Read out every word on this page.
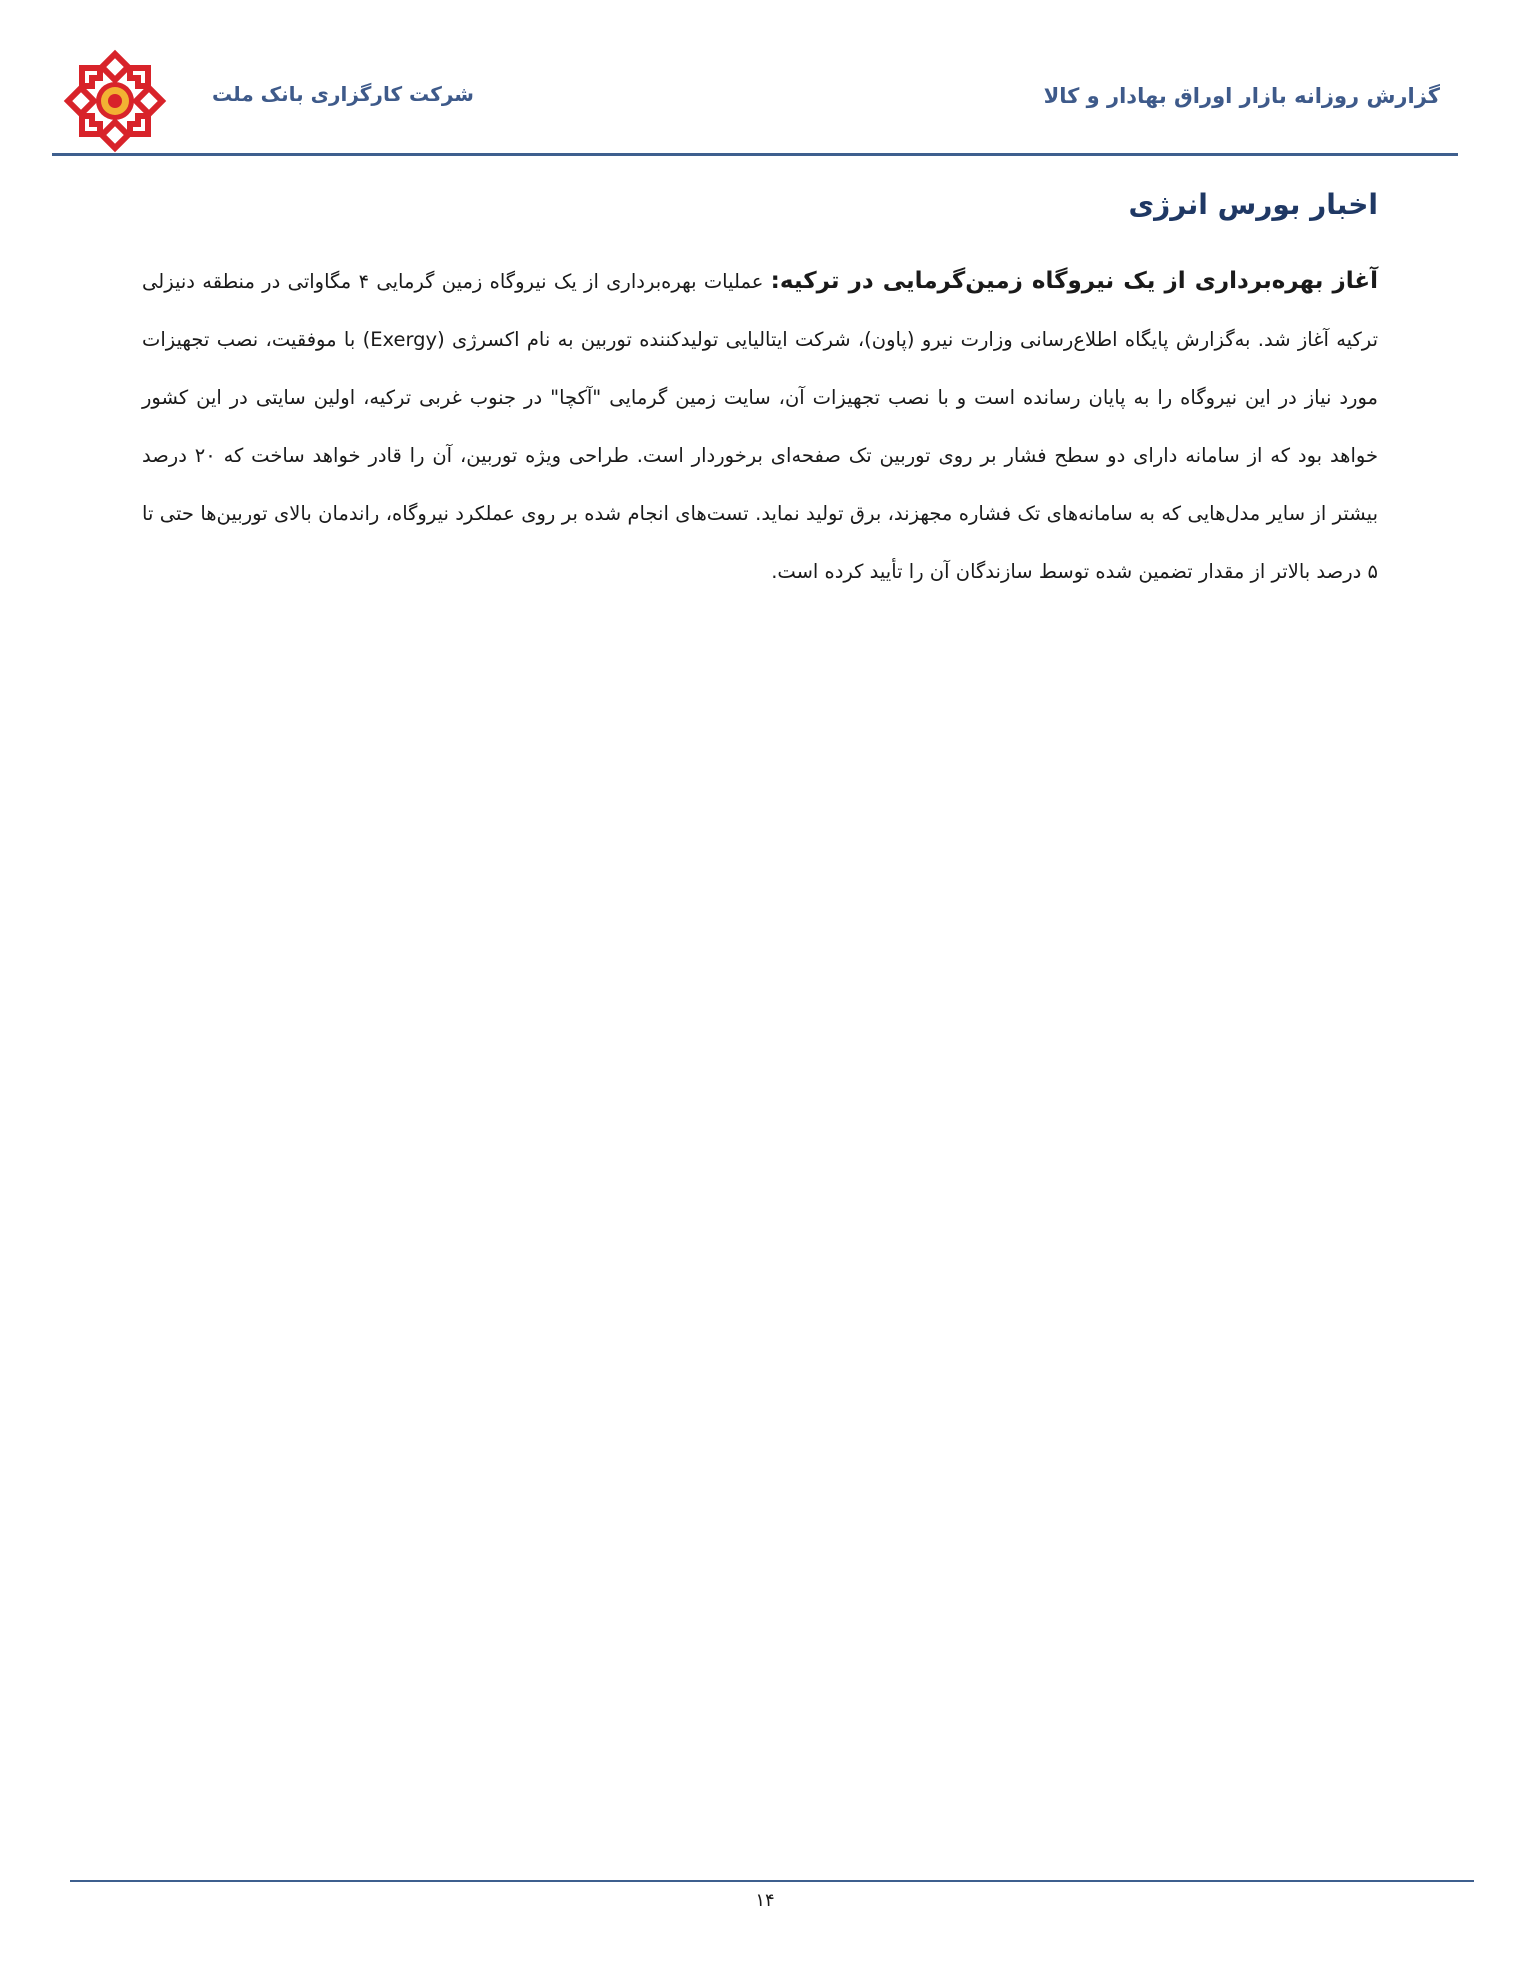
شرکت کارگزاری بانک ملت	گزارش روزانه بازار اوراق بهادار و کالا
اخبار بورس انرژی
آغاز بهره‌برداری از یک نیروگاه زمین‌گرمایی در ترکیه: عملیات بهره‌برداری از یک نیروگاه زمین گرمایی ۴ مگاواتی در منطقه دنیزلی ترکیه آغاز شد. به‌گزارش پایگاه اطلاع‌رسانی وزارت نیرو (پاون)، شرکت ایتالیایی تولیدکننده توربین به نام اکسرژی (Exergy) با موفقیت، نصب تجهیزات مورد نیاز در این نیروگاه را به پایان رسانده است و با نصب تجهیزات آن، سایت زمین گرمایی "آکچا" در جنوب غربی ترکیه، اولین سایتی در این کشور خواهد بود که از سامانه دارای دو سطح فشار بر روی توربین تک صفحه‌ای برخوردار است. طراحی ویژه توربین، آن را قادر خواهد ساخت که ۲۰ درصد بیشتر از سایر مدل‌هایی که به سامانه‌های تک فشاره مجهزند، برق تولید نماید. تست‌های انجام شده بر روی عملکرد نیروگاه، راندمان بالای توربین‌ها حتی تا ۵ درصد بالاتر از مقدار تضمین شده توسط سازندگان آن را تأیید کرده است.
۱۴
